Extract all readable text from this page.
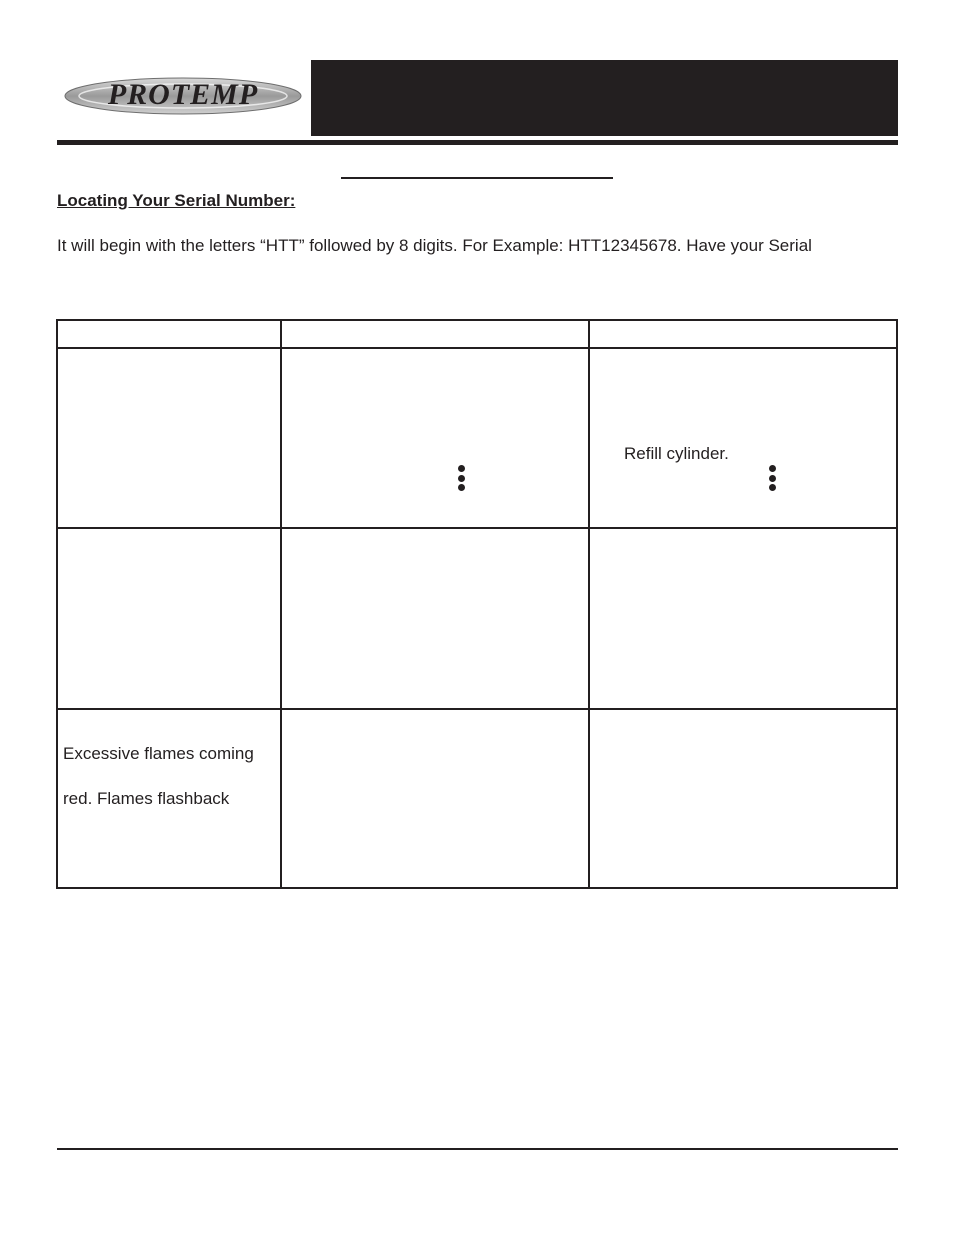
PROTEMP
Locating Your Serial Number:
It will begin with the letters “HTT” followed by 8 digits. For Example: HTT12345678. Have your Serial
Refill cylinder.
Excessive flames coming
red. Flames flashback
